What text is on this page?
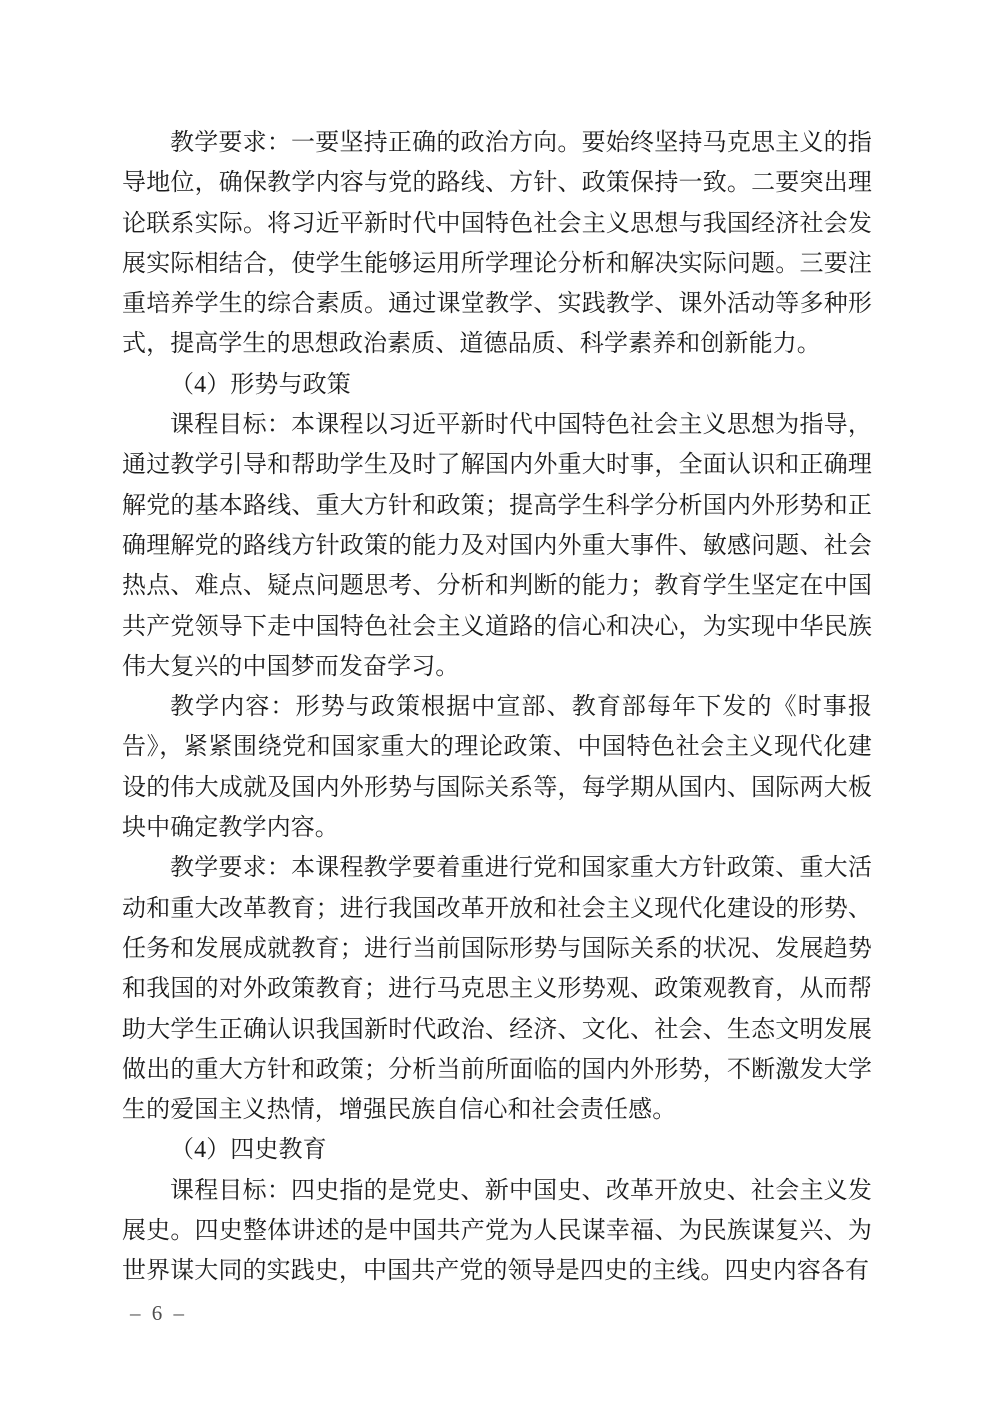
教学要求：一要坚持正确的政治方向。要始终坚持马克思主义的指导地位，确保教学内容与党的路线、方针、政策保持一致。二要突出理论联系实际。将习近平新时代中国特色社会主义思想与我国经济社会发展实际相结合，使学生能够运用所学理论分析和解决实际问题。三要注重培养学生的综合素质。通过课堂教学、实践教学、课外活动等多种形式，提高学生的思想政治素质、道德品质、科学素养和创新能力。

（4）形势与政策

课程目标：本课程以习近平新时代中国特色社会主义思想为指导，通过教学引导和帮助学生及时了解国内外重大时事，全面认识和正确理解党的基本路线、重大方针和政策；提高学生科学分析国内外形势和正确理解党的路线方针政策的能力及对国内外重大事件、敏感问题、社会热点、难点、疑点问题思考、分析和判断的能力；教育学生坚定在中国共产党领导下走中国特色社会主义道路的信心和决心，为实现中华民族伟大复兴的中国梦而发奋学习。

教学内容：形势与政策根据中宣部、教育部每年下发的《时事报告》，紧紧围绕党和国家重大的理论政策、中国特色社会主义现代化建设的伟大成就及国内外形势与国际关系等，每学期从国内、国际两大板块中确定教学内容。

教学要求：本课程教学要着重进行党和国家重大方针政策、重大活动和重大改革教育；进行我国改革开放和社会主义现代化建设的形势、任务和发展成就教育；进行当前国际形势与国际关系的状况、发展趋势和我国的对外政策教育；进行马克思主义形势观、政策观教育，从而帮助大学生正确认识我国新时代政治、经济、文化、社会、生态文明发展做出的重大方针和政策；分析当前所面临的国内外形势，不断激发大学生的爱国主义热情，增强民族自信心和社会责任感。

（4）四史教育

课程目标：四史指的是党史、新中国史、改革开放史、社会主义发展史。四史整体讲述的是中国共产党为人民谋幸福、为民族谋复兴、为世界谋大同的实践史，中国共产党的领导是四史的主线。四史内容各有

– 6 –
